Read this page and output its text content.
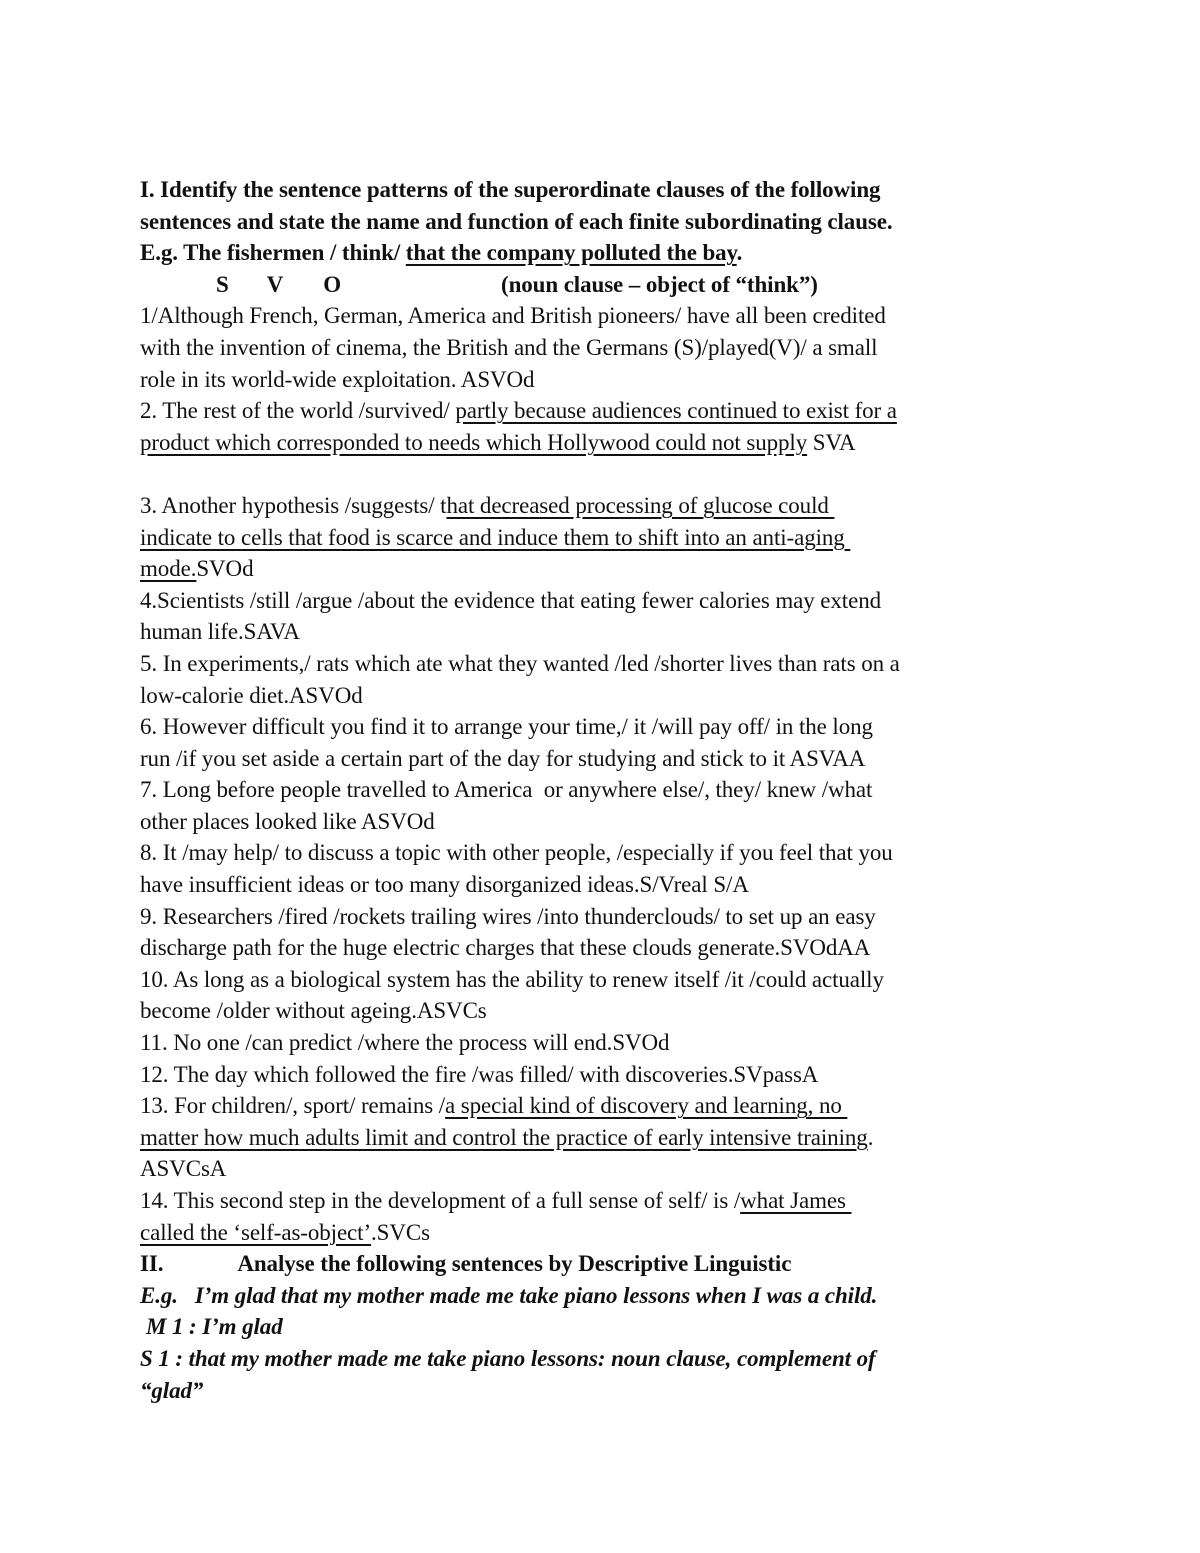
I. Identify the sentence patterns of the superordinate clauses of the following
sentences and state the name and function of each finite subordinating clause.
E.g. The fishermen / think/ that the company polluted the bay.
S V O	(noun clause – object of “think”)
1/Although French, German, America and British pioneers/ have all been credited
with the invention of cinema, the British and the Germans (S)/played(V)/ a small
role in its world-wide exploitation. ASVOd
2. The rest of the world /survived/ partly because audiences continued to exist for a
product which corresponded to needs which Hollywood could not supply SVA
3. Another hypothesis /suggests/ that decreased processing of glucose could
indicate to cells that food is scarce and induce them to shift into an anti-aging
mode.SVOd
4.Scientists /still /argue /about the evidence that eating fewer calories may extend
human life.SAVA
5. In experiments,/ rats which ate what they wanted /led /shorter lives than rats on a
low-calorie diet.ASVOd
6. However difficult you find it to arrange your time,/ it /will pay off/ in the long
run /if you set aside a certain part of the day for studying and stick to it ASVAA
7. Long before people travelled to America  or anywhere else/, they/ knew /what
other places looked like ASVOd
8. It /may help/ to discuss a topic with other people, /especially if you feel that you
have insufficient ideas or too many disorganized ideas.S/Vreal S/A
9. Researchers /fired /rockets trailing wires /into thunderclouds/ to set up an easy
discharge path for the huge electric charges that these clouds generate.SVOdAA
10. As long as a biological system has the ability to renew itself /it /could actually
become /older without ageing.ASVCs
11. No one /can predict /where the process will end.SVOd
12. The day which followed the fire /was filled/ with discoveries.SVpassA
13. For children/, sport/ remains /a special kind of discovery and learning, no
matter how much adults limit and control the practice of early intensive training.
ASVCsA
14. This second step in the development of a full sense of self/ is /what James
called the ‘self-as-object’.SVCs
II.	Analyse the following sentences by Descriptive Linguistic
E.g.   I’m glad that my mother made me take piano lessons when I was a child.
M 1 : I’m glad
S 1 : that my mother made me take piano lessons: noun clause, complement of
“glad”
